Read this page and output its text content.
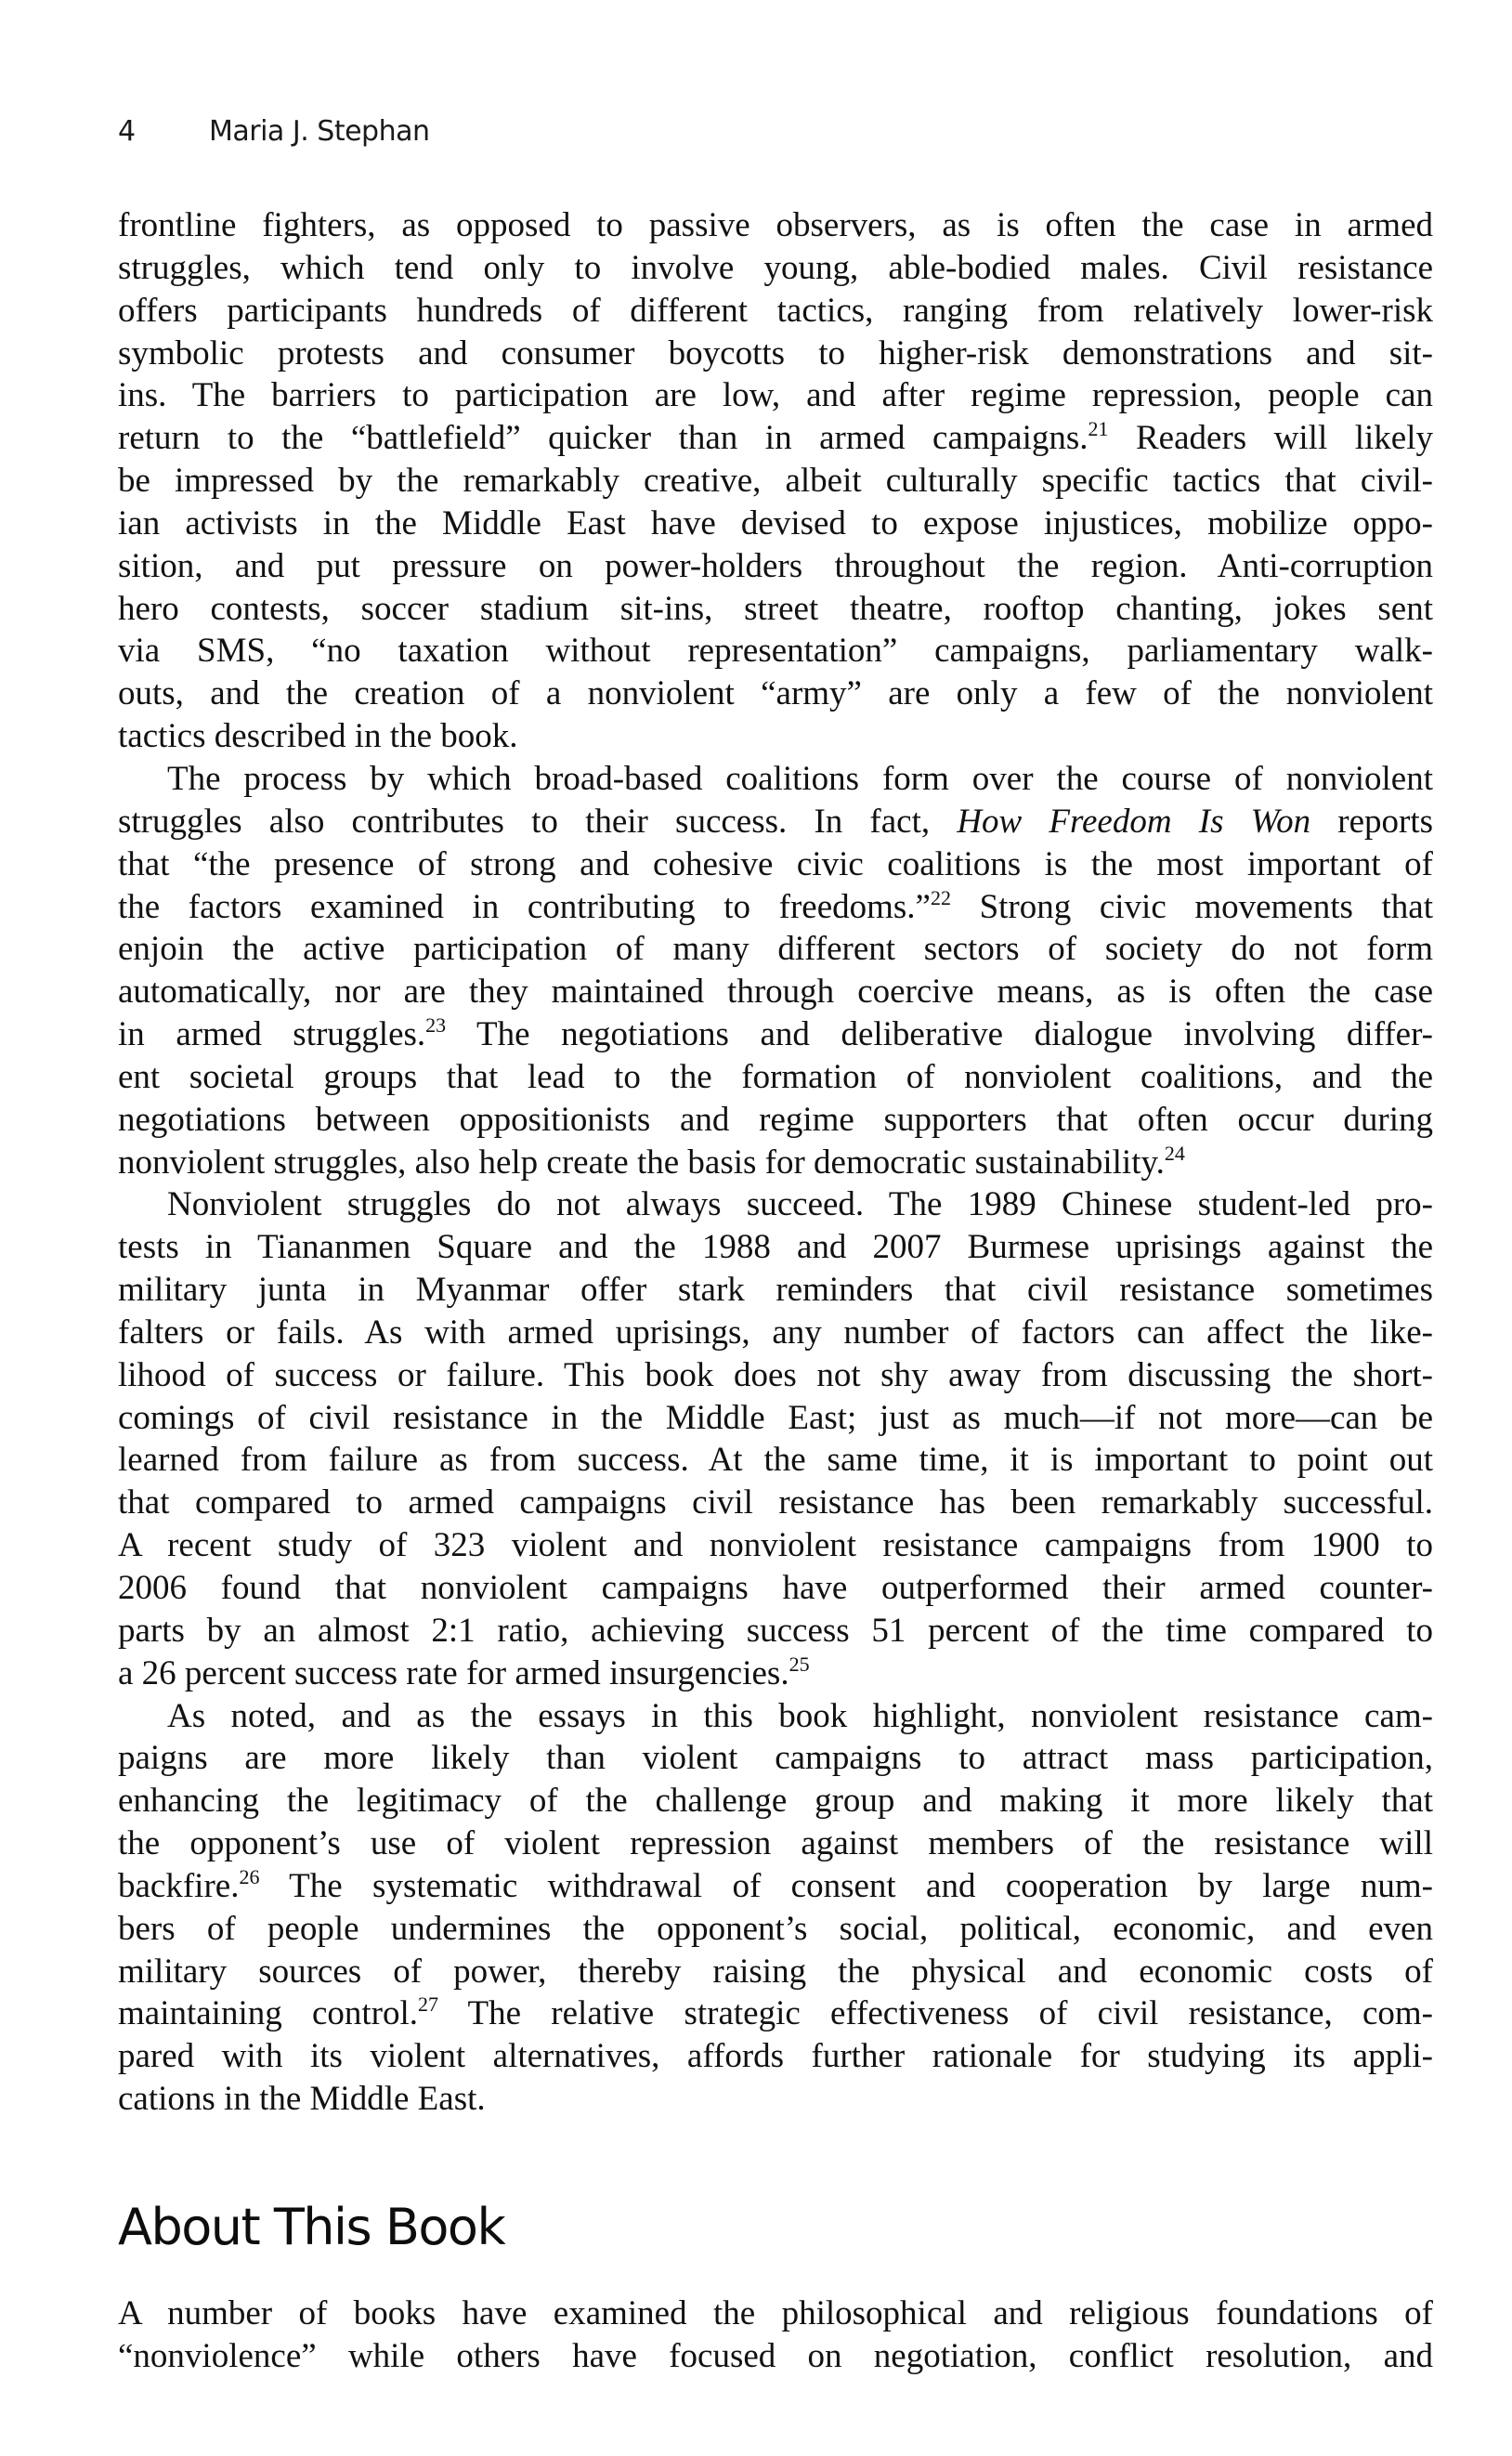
4	Maria J. Stephan
frontline fighters, as opposed to passive observers, as is often the case in armed
struggles, which tend only to involve young, able-bodied males. Civil resistance
offers participants hundreds of different tactics, ranging from relatively lower-risk
symbolic protests and consumer boycotts to higher-risk demonstrations and sit-
ins. The barriers to participation are low, and after regime repression, people can
return to the “battlefield” quicker than in armed campaigns.$^{21}$ Readers will likely
be impressed by the remarkably creative, albeit culturally specific tactics that civil-
ian activists in the Middle East have devised to expose injustices, mobilize oppo-
sition, and put pressure on power-holders throughout the region. Anti-corruption
hero contests, soccer stadium sit-ins, street theatre, rooftop chanting, jokes sent
via SMS, “no taxation without representation” campaigns, parliamentary walk-
outs, and the creation of a nonviolent “army” are only a few of the nonviolent
tactics described in the book.
The process by which broad-based coalitions form over the course of nonviolent
struggles also contributes to their success. In fact, How Freedom Is Won reports
that “the presence of strong and cohesive civic coalitions is the most important of
the factors examined in contributing to freedoms.”$^{22}$ Strong civic movements that
enjoin the active participation of many different sectors of society do not form
automatically, nor are they maintained through coercive means, as is often the case
in armed struggles.$^{23}$ The negotiations and deliberative dialogue involving differ-
ent societal groups that lead to the formation of nonviolent coalitions, and the
negotiations between oppositionists and regime supporters that often occur during
nonviolent struggles, also help create the basis for democratic sustainability.$^{24}$
Nonviolent struggles do not always succeed. The 1989 Chinese student-led pro-
tests in Tiananmen Square and the 1988 and 2007 Burmese uprisings against the
military junta in Myanmar offer stark reminders that civil resistance sometimes
falters or fails. As with armed uprisings, any number of factors can affect the like-
lihood of success or failure. This book does not shy away from discussing the short-
comings of civil resistance in the Middle East; just as much—if not more—can be
learned from failure as from success. At the same time, it is important to point out
that compared to armed campaigns civil resistance has been remarkably successful.
A recent study of 323 violent and nonviolent resistance campaigns from 1900 to
2006 found that nonviolent campaigns have outperformed their armed counter-
parts by an almost 2:1 ratio, achieving success 51 percent of the time compared to
a 26 percent success rate for armed insurgencies.$^{25}$
As noted, and as the essays in this book highlight, nonviolent resistance cam-
paigns are more likely than violent campaigns to attract mass participation,
enhancing the legitimacy of the challenge group and making it more likely that
the opponent’s use of violent repression against members of the resistance will
backfire.$^{26}$ The systematic withdrawal of consent and cooperation by large num-
bers of people undermines the opponent’s social, political, economic, and even
military sources of power, thereby raising the physical and economic costs of
maintaining control.$^{27}$ The relative strategic effectiveness of civil resistance, com-
pared with its violent alternatives, affords further rationale for studying its appli-
cations in the Middle East.
About This Book
A number of books have examined the philosophical and religious foundations of
“nonviolence” while others have focused on negotiation, conflict resolution, and
